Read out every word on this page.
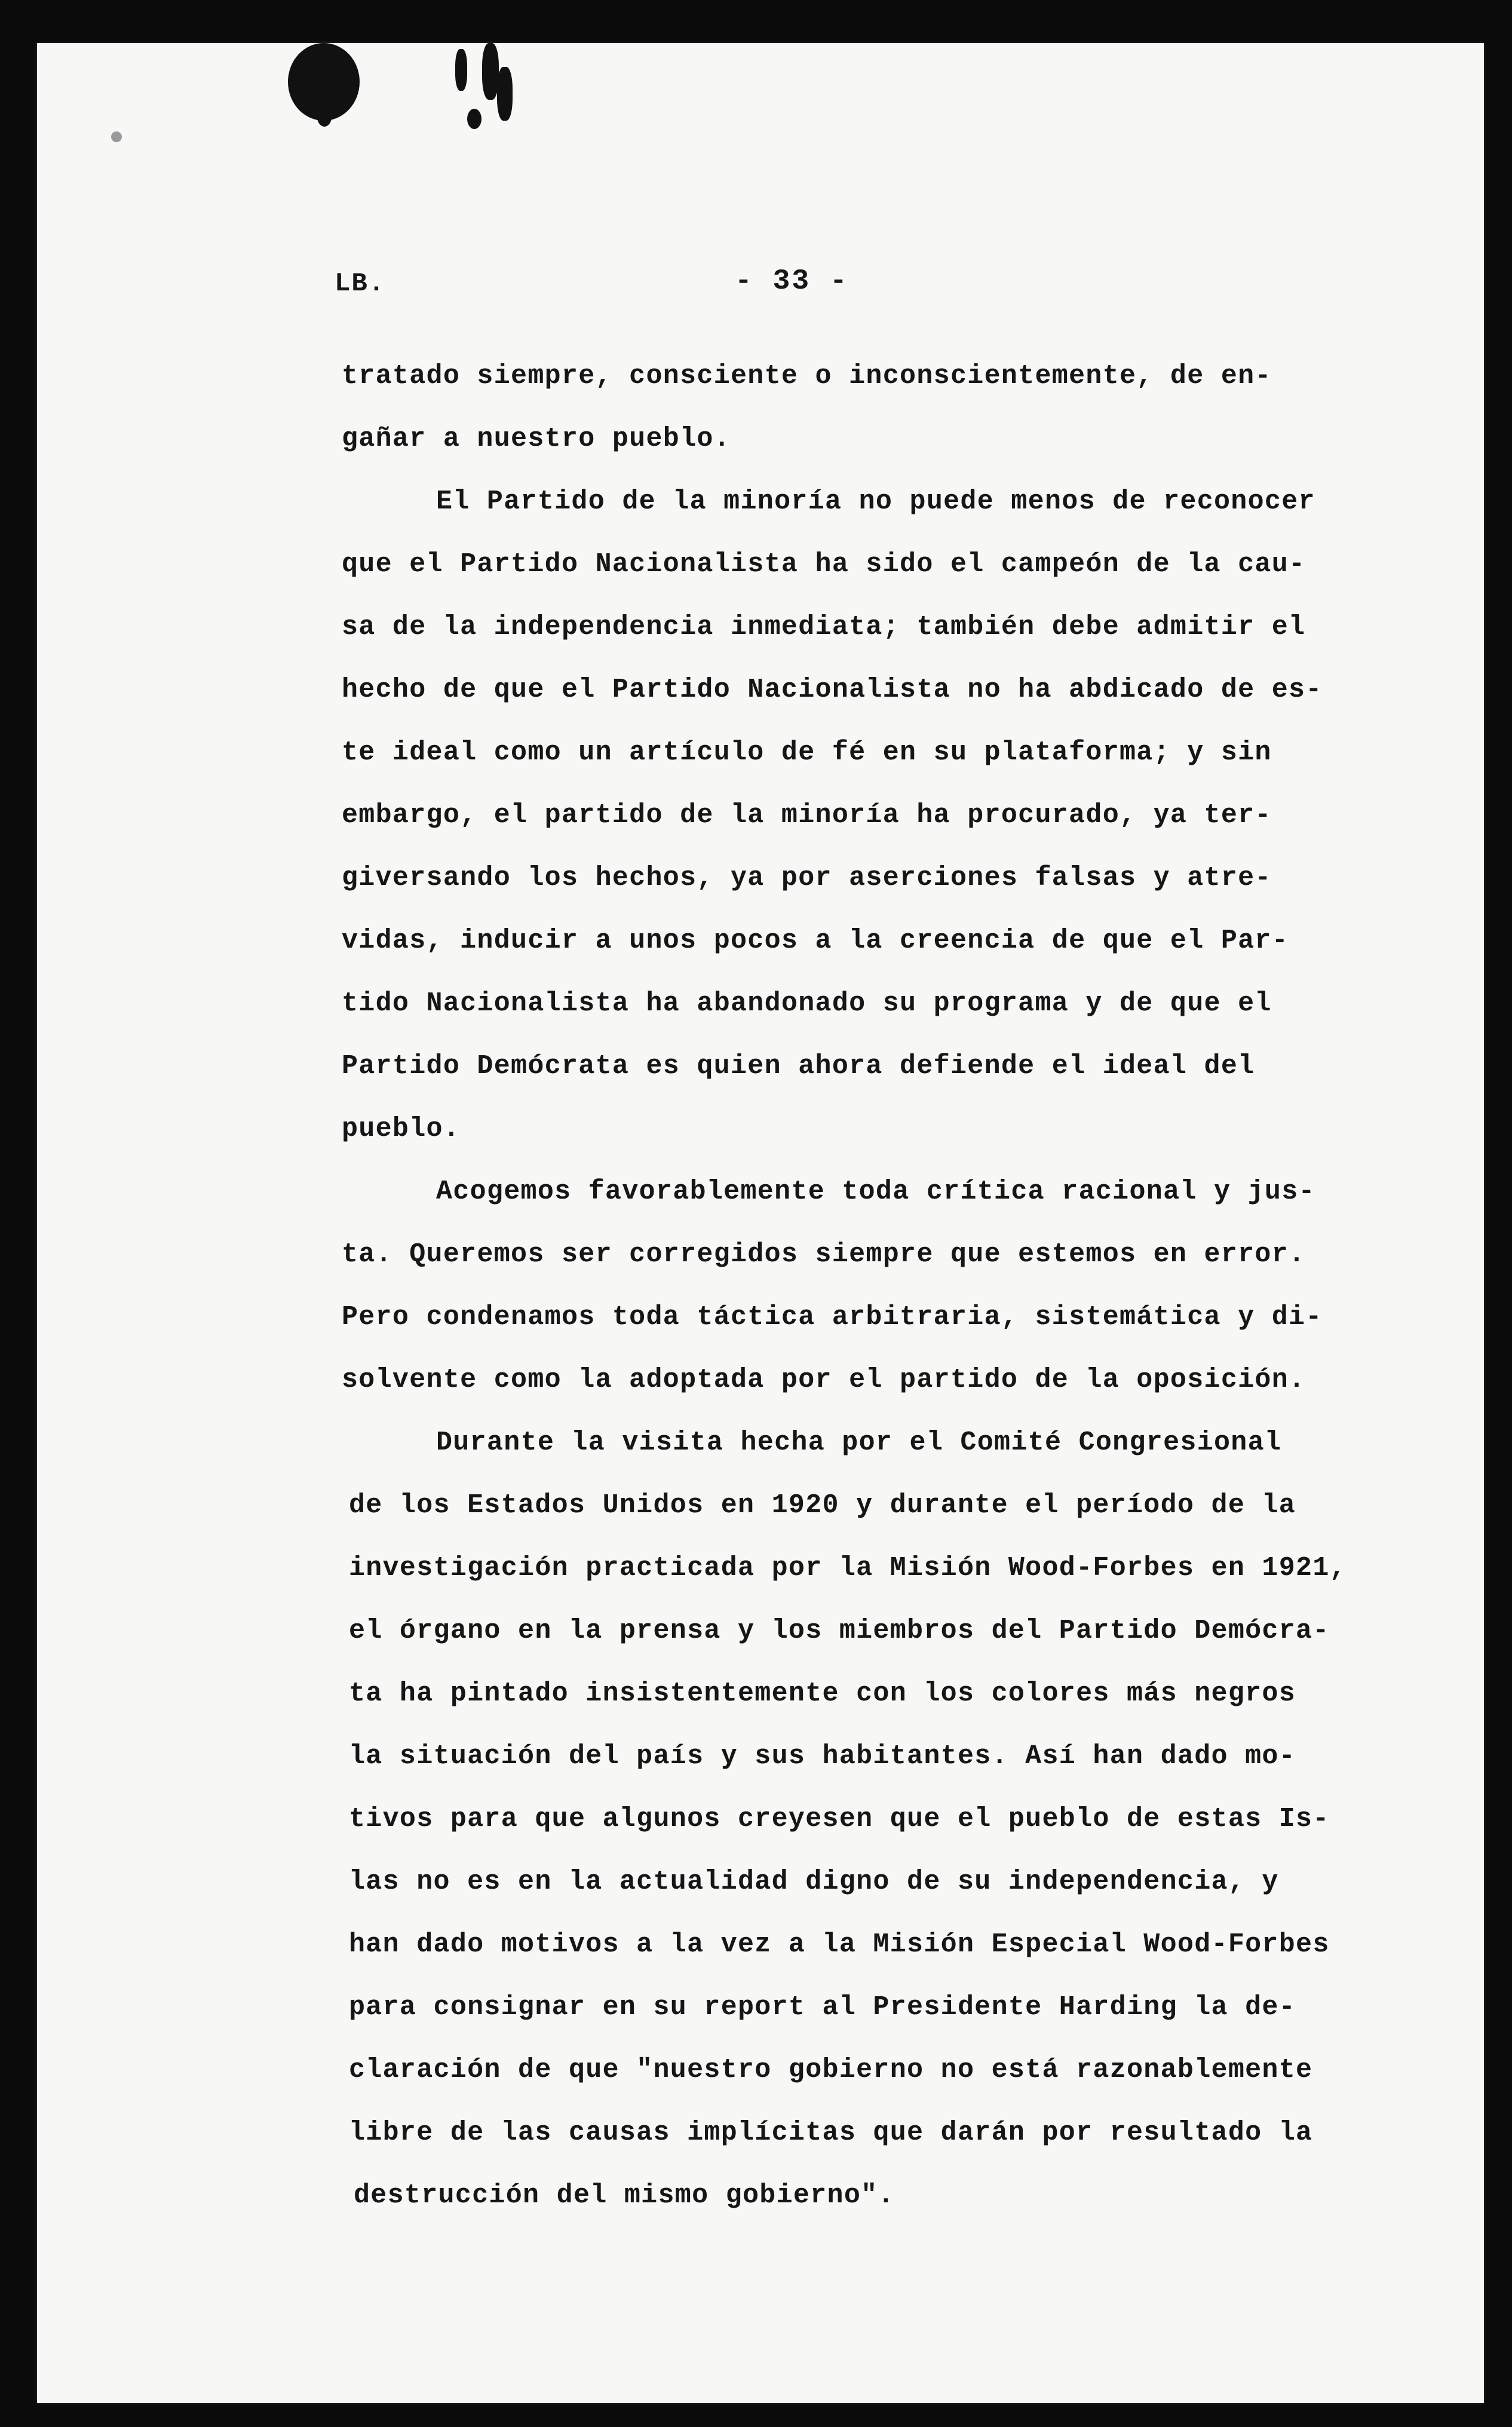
LB.	- 33 -
tratado siempre, consciente o inconscientemente, de en-
gañar a nuestro pueblo.
El Partido de la minoría no puede menos de reconocer
que el Partido Nacionalista ha sido el campeón de la cau-
sa de la independencia inmediata; también debe admitir el
hecho de que el Partido Nacionalista no ha abdicado de es-
te ideal como un artículo de fé en su plataforma; y sin
embargo, el partido de la minoría ha procurado, ya ter-
giversando los hechos, ya por aserciones falsas y atre-
vidas, inducir a unos pocos a la creencia de que el Par-
tido Nacionalista ha abandonado su programa y de que el
Partido Demócrata es quien ahora defiende el ideal del
pueblo.
Acogemos favorablemente toda crítica racional y jus-
ta. Queremos ser corregidos siempre que estemos en error.
Pero condenamos toda táctica arbitraria, sistemática y di-
solvente como la adoptada por el partido de la oposición.
Durante la visita hecha por el Comité Congresional
de los Estados Unidos en 1920 y durante el período de la
investigación practicada por la Misión Wood-Forbes en 1921,
el órgano en la prensa y los miembros del Partido Demócra-
ta ha pintado insistentemente con los colores más negros
la situación del país y sus habitantes. Así han dado mo-
tivos para que algunos creyesen que el pueblo de estas Is-
las no es en la actualidad digno de su independencia, y
han dado motivos a la vez a la Misión Especial Wood-Forbes
para consignar en su report al Presidente Harding la de-
claración de que "nuestro gobierno no está razonablemente
libre de las causas implícitas que darán por resultado la
destrucción del mismo gobierno".
